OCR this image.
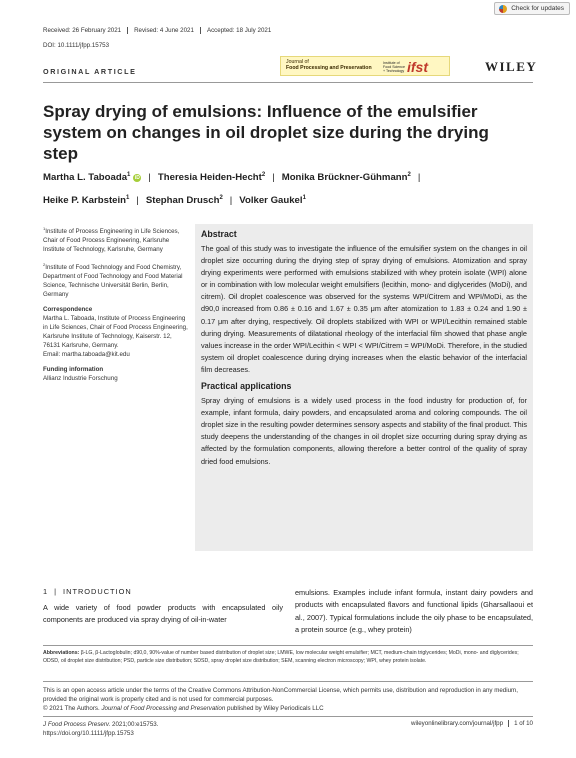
Check for updates
Received: 26 February 2021 Revised: 4 June 2021 Accepted: 18 July 2021
DOI: 10.1111/jfpp.15753
ORIGINAL ARTICLE
Journal of
Food Processing and Preservation
Institute of Food Science + Technology ifst	WILEY
Spray drying of emulsions: Influence of the emulsifier system on changes in oil droplet size during the drying step
Martha L. Taboada$^1$ iD | Theresia Heiden-Hecht$^2$ | Monika Brückner-Gühmann$^2$ |
Heike P. Karbstein$^1$ | Stephan Drusch$^2$ | Volker Gaukel$^1$

$^1$Institute of Process Engineering in Life Sciences, Chair of Food Process Engineering, Karlsruhe Institute of Technology, Karlsruhe, Germany

$^2$Institute of Food Technology and Food Chemistry, Department of Food Technology and Food Material Science, Technische Universität Berlin, Berlin, Germany

Correspondence
Martha L. Taboada, Institute of Process Engineering in Life Sciences, Chair of Food Process Engineering, Karlsruhe Institute of Technology, Kaiserstr. 12, 76131 Karlsruhe, Germany.
Email: martha.taboada@kit.edu

Funding information
Allianz Industrie Forschung

Abstract

The goal of this study was to investigate the influence of the emulsifier system on the changes in oil droplet size occurring during the drying step of spray drying of emulsions. Atomization and spray drying experiments were performed with emulsions stabilized with whey protein isolate (WPI) alone or in combination with low molecular weight emulsifiers (lecithin, mono- and diglycerides (MoDi), and citrem). Oil droplet coalescence was observed for the systems WPI/Citrem and WPI/MoDi, as the d90,0 increased from 0.86 ± 0.16 and 1.67 ± 0.35 μm after atomization to 1.83 ± 0.24 and 1.90 ± 0.17 μm after drying, respectively. Oil droplets stabilized with WPI or WPI/Lecithin remained stable during drying. Measurements of dilatational rheology of the interfacial film showed that phase angle values increase in the order WPI/Lecithin < WPI < WPI/Citrem = WPI/MoDi. Therefore, in the studied system oil droplet coalescence during drying increases when the elastic behavior of the interfacial film decreases.

Practical applications

Spray drying of emulsions is a widely used process in the food industry for production of, for example, infant formula, dairy powders, and encapsulated aroma and coloring compounds. The oil droplet size in the resulting powder determines sensory aspects and stability of the final product. This study deepens the understanding of the changes in oil droplet size occurring during spray drying as affected by the formulation components, allowing therefore a better control of the quality of spray dried food emulsions.

1 | INTRODUCTION
A wide variety of food powder products with encapsulated oily components are produced via spray drying of oil-in-water
emulsions. Examples include infant formula, instant dairy powders and products with encapsulated flavors and functional lipids (Gharsallaoui et al., 2007). Typical formulations include the oily phase to be encapsulated, a protein source (e.g., whey protein)
Abbreviations: β-LG, β-Lactoglobulin; d90,0, 90%-value of number based distribution of droplet size; LMWE, low molecular weight emulsifier; MCT, medium-chain triglycerides; MoDi, mono- and diglycerides; ODSD, oil droplet size distribution; PSD, particle size distribution; SDSD, spray droplet size distribution; SEM, scanning electron microscopy; WPI, whey protein isolate.
This is an open access article under the terms of the Creative Commons Attribution-NonCommercial License, which permits use, distribution and reproduction in any medium, provided the original work is properly cited and is not used for commercial purposes.
© 2021 The Authors. Journal of Food Processing and Preservation published by Wiley Periodicals LLC
J Food Process Preserv. 2021;00:e15753.
https://doi.org/10.1111/jfpp.15753
wileyonlinelibrary.com/journal/jfpp 1 of 10
